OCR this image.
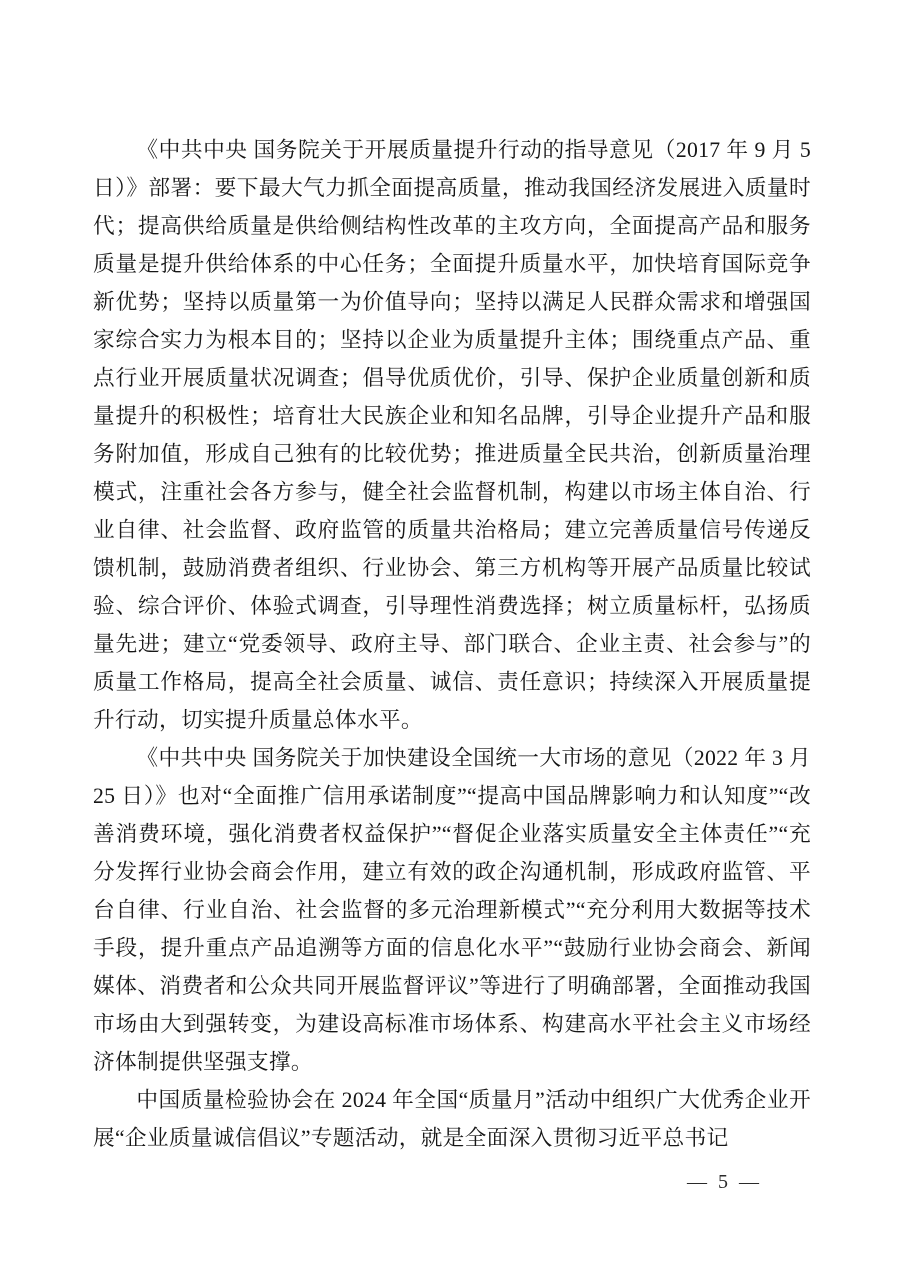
《中共中央 国务院关于开展质量提升行动的指导意见（2017 年 9 月 5 日）》部署：要下最大气力抓全面提高质量，推动我国经济发展进入质量时代；提高供给质量是供给侧结构性改革的主攻方向，全面提高产品和服务质量是提升供给体系的中心任务；全面提升质量水平，加快培育国际竞争新优势；坚持以质量第一为价值导向；坚持以满足人民群众需求和增强国家综合实力为根本目的；坚持以企业为质量提升主体；围绕重点产品、重点行业开展质量状况调查；倡导优质优价，引导、保护企业质量创新和质量提升的积极性；培育壮大民族企业和知名品牌，引导企业提升产品和服务附加值，形成自己独有的比较优势；推进质量全民共治，创新质量治理模式，注重社会各方参与，健全社会监督机制，构建以市场主体自治、行业自律、社会监督、政府监管的质量共治格局；建立完善质量信号传递反馈机制，鼓励消费者组织、行业协会、第三方机构等开展产品质量比较试验、综合评价、体验式调查，引导理性消费选择；树立质量标杆，弘扬质量先进；建立“党委领导、政府主导、部门联合、企业主责、社会参与”的质量工作格局，提高全社会质量、诚信、责任意识；持续深入开展质量提升行动，切实提升质量总体水平。

《中共中央 国务院关于加快建设全国统一大市场的意见（2022 年 3 月 25 日）》也对“全面推广信用承诺制度”“提高中国品牌影响力和认知度”“改善消费环境，强化消费者权益保护”“督促企业落实质量安全主体责任”“充分发挥行业协会商会作用，建立有效的政企沟通机制，形成政府监管、平台自律、行业自治、社会监督的多元治理新模式”“充分利用大数据等技术手段，提升重点产品追溯等方面的信息化水平”“鼓励行业协会商会、新闻媒体、消费者和公众共同开展监督评议”等进行了明确部署，全面推动我国市场由大到强转变，为建设高标准市场体系、构建高水平社会主义市场经济体制提供坚强支撑。

中国质量检验协会在 2024 年全国“质量月”活动中组织广大优秀企业开展“企业质量诚信倡议”专题活动，就是全面深入贯彻习近平总书记

— 5 —
